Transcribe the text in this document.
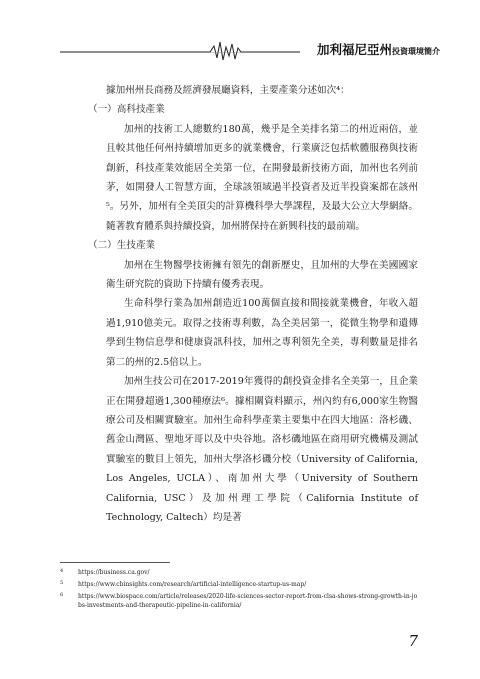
加利福尼亞州投資環境簡介

據加州州長商務及經濟發展廳資料，主要產業分述如次⁴：

（一）高科技產業

加州的技術工人總數約180萬，幾乎是全美排名第二的州近兩倍，並且較其他任何州持續增加更多的就業機會，行業廣泛包括軟體服務與技術創新，科技產業效能居全美第一位，在開發最新技術方面，加州也名列前茅，如開發人工智慧方面，全球該領域過半投資者及近半投資案都在該州⁵。另外，加州有全美頂尖的計算機科學大學課程，及最大公立大學網絡。隨著教育體系與持續投資，加州將保持在新興科技的最前端。

（二）生技產業

加州在生物醫學技術擁有領先的創新歷史，且加州的大學在美國國家衛生研究院的資助下持續有優秀表現。

生命科學行業為加州創造近100萬個直接和間接就業機會，年收入超過1,910億美元。取得之技術專利數，為全美居第一，從微生物學和遺傳學到生物信息學和健康資訊科技，加州之專利領先全美，專利數量是排名第二的州的2.5倍以上。

加州生技公司在2017-2019年獲得的創投資金排名全美第一，且企業正在開發超過1,300種療法⁶。據相關資料顯示，州內約有6,000家生物醫療公司及相關實驗室。加州生命科學產業主要集中在四大地區：洛杉磯、舊金山灣區、聖地牙哥以及中央谷地。洛杉磯地區在商用研究機構及測試實驗室的數目上領先，加州大學洛杉磯分校（University of California, Los Angeles, UCLA）、南加州大學（University of Southern California, USC）及加州理工學院（California Institute of Technology, Caltech）均是著

4 https://business.ca.gov/
5 https://www.cbinsights.com/research/artificial-intelligence-startup-us-map/
6 https://www.biospace.com/article/releases/2020-life-sciences-sector-report-from-clsa-shows-strong-growth-in-jobs-investments-and-therapeutic-pipeline-in-california/
7
